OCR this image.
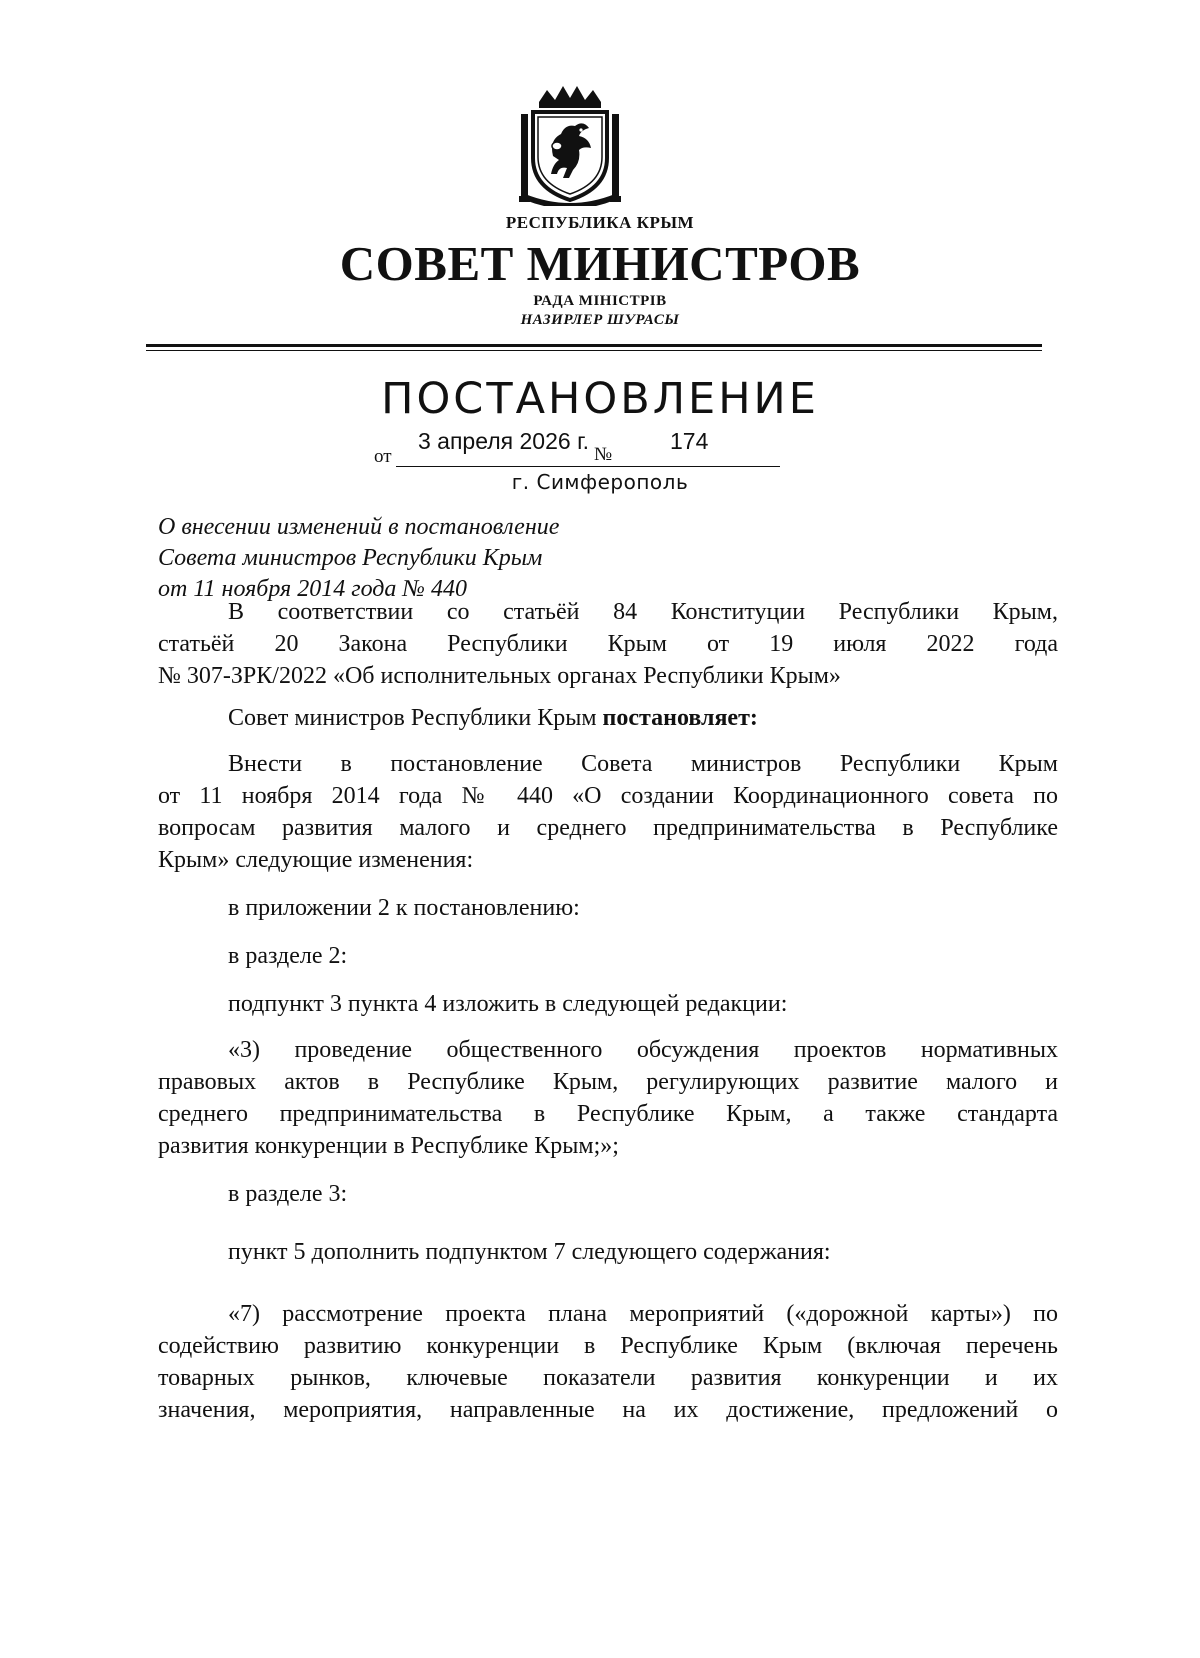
РЕСПУБЛИКА КРЫМ
СОВЕТ МИНИСТРОВ
РАДА МІНІСТРІВ
НАЗИРЛЕР ШУРАСЫ
ПОСТАНОВЛЕНИЕ
от
3 апреля 2026 г.
№
174
г. Симферополь
О внесении изменений в постановление
Совета министров Республики Крым
от 11 ноября 2014 года № 440
В соответствии со статьёй 84 Конституции Республики Крым,
статьёй 20 Закона Республики Крым от 19 июля 2022 года
№ 307-ЗРК/2022 «Об исполнительных органах Республики Крым»
Совет министров Республики Крым постановляет:
Внести в постановление Совета министров Республики Крым
от 11 ноября 2014 года № 440 «О создании Координационного совета по
вопросам развития малого и среднего предпринимательства в Республике
Крым» следующие изменения:
в приложении 2 к постановлению:
в разделе 2:
подпункт 3 пункта 4 изложить в следующей редакции:
«3) проведение общественного обсуждения проектов нормативных
правовых актов в Республике Крым, регулирующих развитие малого и
среднего предпринимательства в Республике Крым, а также стандарта
развития конкуренции в Республике Крым;»;
в разделе 3:
пункт 5 дополнить подпунктом 7 следующего содержания:
«7) рассмотрение проекта плана мероприятий («дорожной карты») по
содействию развитию конкуренции в Республике Крым (включая перечень
товарных рынков, ключевые показатели развития конкуренции и их
значения, мероприятия, направленные на их достижение, предложений о
